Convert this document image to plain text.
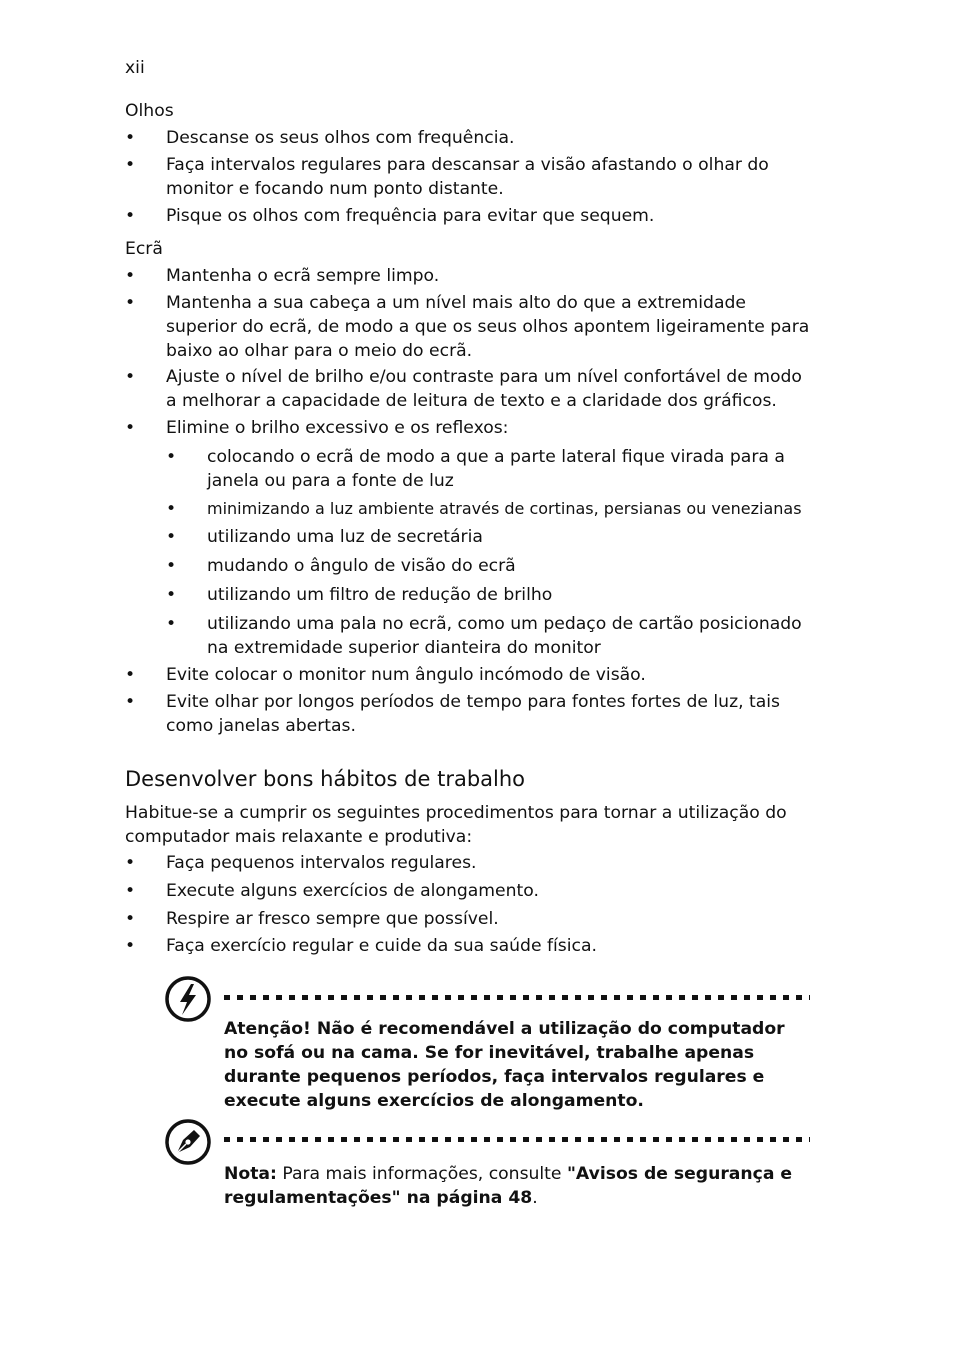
xii
Olhos
• Descanse os seus olhos com frequência.
• Faça intervalos regulares para descansar a visão afastando o olhar do monitor e focando num ponto distante.
• Pisque os olhos com frequência para evitar que sequem.
Ecrã
• Mantenha o ecrã sempre limpo.
• Mantenha a sua cabeça a um nível mais alto do que a extremidade superior do ecrã, de modo a que os seus olhos apontem ligeiramente para baixo ao olhar para o meio do ecrã.
• Ajuste o nível de brilho e/ou contraste para um nível confortável de modo a melhorar a capacidade de leitura de texto e a claridade dos gráficos.
• Elimine o brilho excessivo e os reflexos:
• colocando o ecrã de modo a que a parte lateral fique virada para a janela ou para a fonte de luz
• minimizando a luz ambiente através de cortinas, persianas ou venezianas
• utilizando uma luz de secretária
• mudando o ângulo de visão do ecrã
• utilizando um filtro de redução de brilho
• utilizando uma pala no ecrã, como um pedaço de cartão posicionado na extremidade superior dianteira do monitor
• Evite colocar o monitor num ângulo incómodo de visão.
• Evite olhar por longos períodos de tempo para fontes fortes de luz, tais como janelas abertas.
Desenvolver bons hábitos de trabalho
Habitue-se a cumprir os seguintes procedimentos para tornar a utilização do computador mais relaxante e produtiva:
• Faça pequenos intervalos regulares.
• Execute alguns exercícios de alongamento.
• Respire ar fresco sempre que possível.
• Faça exercício regular e cuide da sua saúde física.
Atenção! Não é recomendável a utilização do computador no sofá ou na cama. Se for inevitável, trabalhe apenas durante pequenos períodos, faça intervalos regulares e execute alguns exercícios de alongamento.
Nota: Para mais informações, consulte "Avisos de segurança e regulamentações" na página 48.
